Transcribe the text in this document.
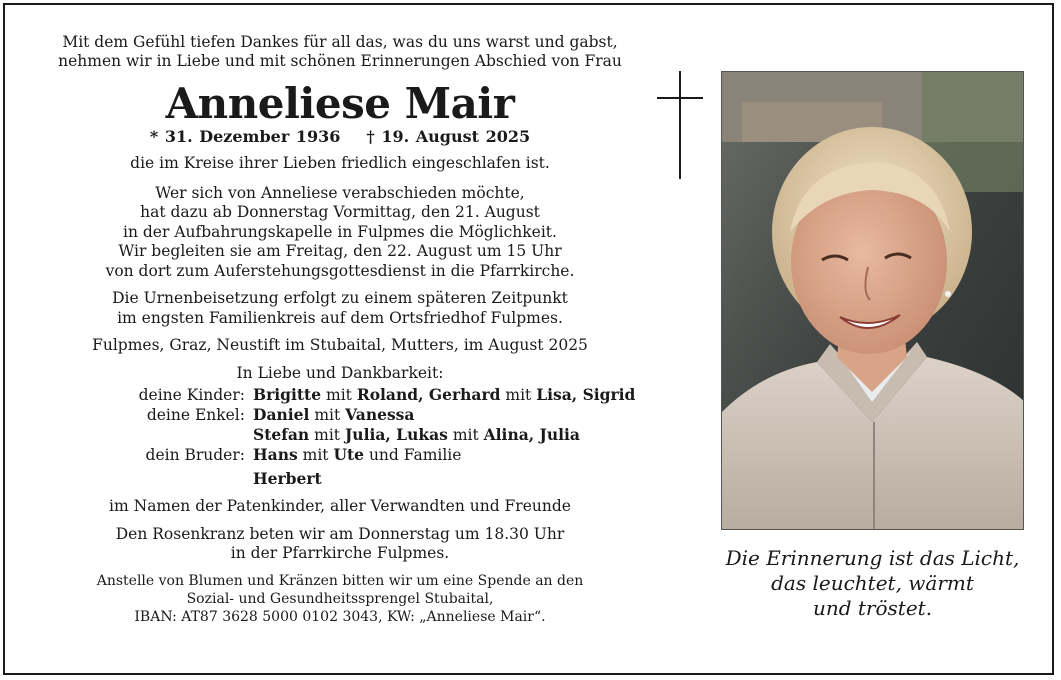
Mit dem Gefühl tiefen Dankes für all das, was du uns warst und gabst,
nehmen wir in Liebe und mit schönen Erinnerungen Abschied von Frau
Anneliese Mair
* 31. Dezember 1936 † 19. August 2025
die im Kreise ihrer Lieben friedlich eingeschlafen ist.
Wer sich von Anneliese verabschieden möchte,
hat dazu ab Donnerstag Vormittag, den 21. August
in der Aufbahrungskapelle in Fulpmes die Möglichkeit.
Wir begleiten sie am Freitag, den 22. August um 15 Uhr
von dort zum Auferstehungsgottesdienst in die Pfarrkirche.
Die Urnenbeisetzung erfolgt zu einem späteren Zeitpunkt
im engsten Familienkreis auf dem Ortsfriedhof Fulpmes.
Fulpmes, Graz, Neustift im Stubaital, Mutters, im August 2025
In Liebe und Dankbarkeit:
deine Kinder: Brigitte mit Roland, Gerhard mit Lisa, Sigrid
deine Enkel: Daniel mit Vanessa
Stefan mit Julia, Lukas mit Alina, Julia
dein Bruder: Hans mit Ute und Familie
Herbert
im Namen der Patenkinder, aller Verwandten und Freunde
Den Rosenkranz beten wir am Donnerstag um 18.30 Uhr
in der Pfarrkirche Fulpmes.
Anstelle von Blumen und Kränzen bitten wir um eine Spende an den
Sozial- und Gesundheitssprengel Stubaital,
IBAN: AT87 3628 5000 0102 3043, KW: „Anneliese Mair“.
Die Erinnerung ist das Licht,
das leuchtet, wärmt
und tröstet.
